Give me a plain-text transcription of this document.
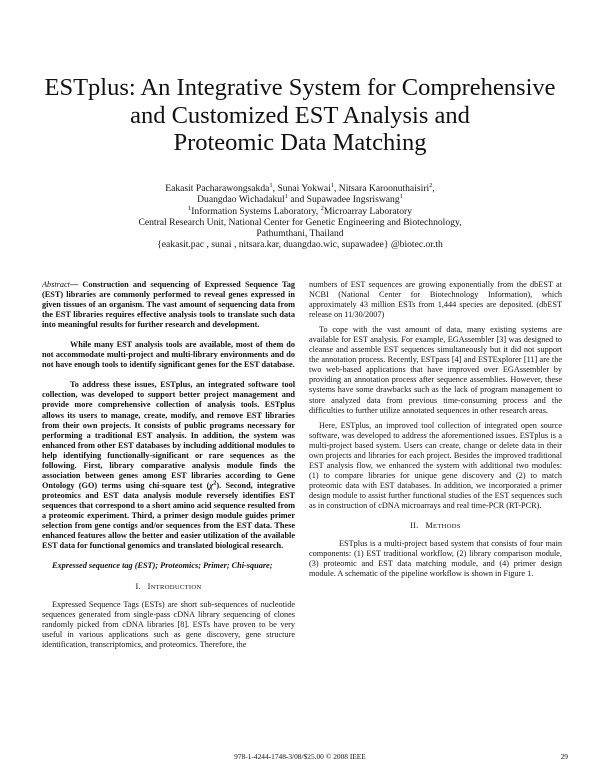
ESTplus: An Integrative System for Comprehensive
and Customized EST Analysis and
Proteomic Data Matching
Eakasit Pacharawongsakda$^1$, Sunai Yokwai$^1$, Nitsara Karoonuthaisiri$^2$,
Duangdao Wichadakul$^1$ and Supawadee Ingsriswang$^1$
$^1$Information Systems Laboratory, $^2$Microarray Laboratory
Central Research Unit, National Center for Genetic Engineering and Biotechnology,
Pathumthani, Thailand
{eakasit.pac , sunai , nitsara.kar, duangdao.wic, supawadee} @biotec.or.th

Abstract— Construction and sequencing of Expressed Sequence Tag (EST) libraries are commonly performed to reveal genes expressed in given tissues of an organism. The vast amount of sequencing data from the EST libraries requires effective analysis tools to translate such data into meaningful results for further research and development.

While many EST analysis tools are available, most of them do not accommodate multi-project and multi-library environments and do not have enough tools to identify significant genes for the EST database.

To address these issues, ESTplus, an integrated software tool collection, was developed to support better project management and provide more comprehensive collection of analysis tools. ESTplus allows its users to manage, create, modify, and remove EST libraries from their own projects. It consists of public programs necessary for performing a traditional EST analysis. In addition, the system was enhanced from other EST databases by including additional modules to help identifying functionally-significant or rare sequences as the following. First, library comparative analysis module finds the association between genes among EST libraries according to Gene Ontology (GO) terms using chi-square test $(\chi^2)$. Second, integrative proteomics and EST data analysis module reversely identifies EST sequences that correspond to a short amino acid sequence resulted from a proteomic experiment. Third, a primer design module guides primer selection from gene contigs and/or sequences from the EST data. These enhanced features allow the better and easier utilization of the available EST data for functional genomics and translated biological research.

Expressed sequence tag (EST); Proteomics; Primer; Chi-square;

I. INTRODUCTION

Expressed Sequence Tags (ESTs) are short sub-sequences of nucleotide sequences generated from single-pass cDNA library sequencing of clones randomly picked from cDNA libraries [8]. ESTs have proven to be very useful in various applications such as gene discovery, gene structure identification, transcriptomics, and proteomics. Therefore, the

numbers of EST sequences are growing exponentially from the dbEST at NCBI (National Center for Biotechnology Information), which approximately 43 million ESTs from 1,444 species are deposited. (dbEST release on 11/30/2007)

To cope with the vast amount of data, many existing systems are available for EST analysis. For example, EGAssembler [3] was designed to cleanse and assemble EST sequences simultaneously but it did not support the annotation process. Recently, ESTpass [4] and ESTExplorer [11] are the two web-based applications that have improved over EGAssembler by providing an annotation process after sequence assemblies. However, these systems have some drawbacks such as the lack of program management to store analyzed data from previous time-consuming process and the difficulties to further utilize annotated sequences in other research areas.

Here, ESTplus, an improved tool collection of integrated open source software, was developed to address the aforementioned issues. ESTplus is a multi-project based system. Users can create, change or delete data in their own projects and libraries for each project. Besides the improved traditional EST analysis flow, we enhanced the system with additional two modules: (1) to compare libraries for unique gene discovery and (2) to match proteomic data with EST databases. In addition, we incorporated a primer design module to assist further functional studies of the EST sequences such as in construction of cDNA microarrays and real time-PCR (RT-PCR).

II. METHODS

ESTplus is a multi-project based system that consists of four main components: (1) EST traditional workflow, (2) library comparison module, (3) proteomic and EST data matching module, and (4) primer design module. A schematic of the pipeline workflow is shown in Figure 1.

978-1-4244-1748-3/08/$25.00 © 2008 IEEE	29
